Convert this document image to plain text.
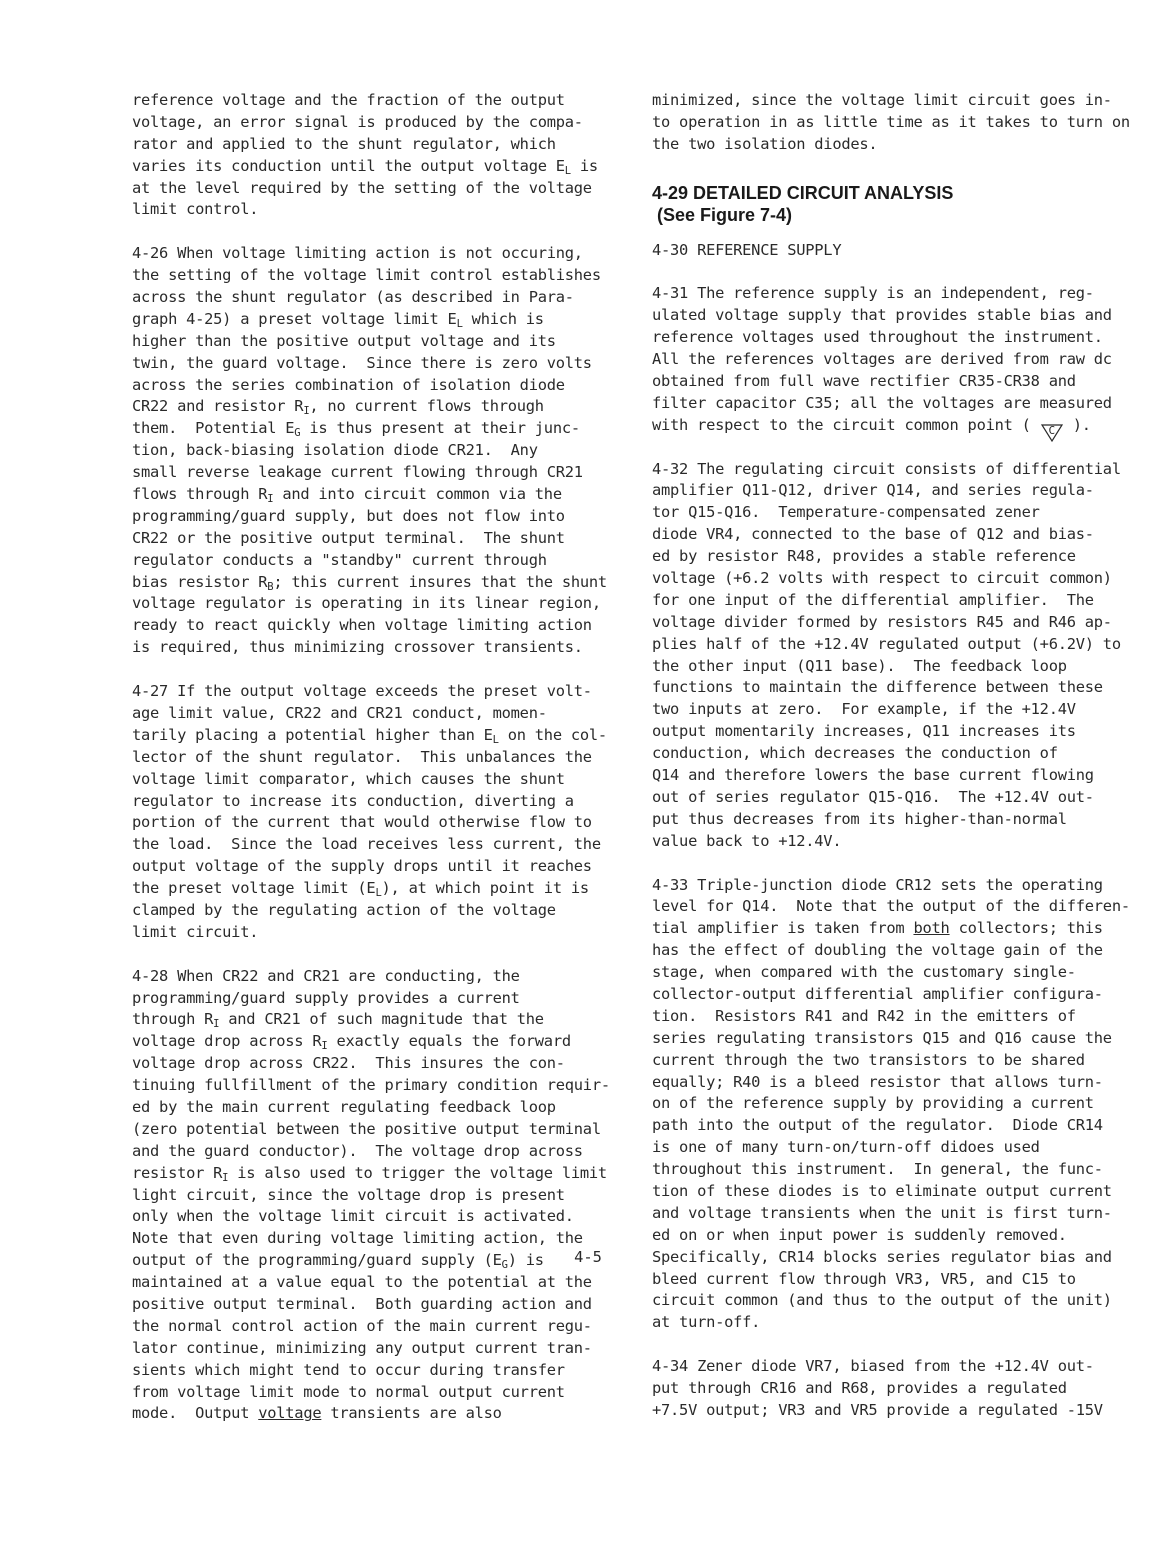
reference voltage and the fraction of the output
voltage, an error signal is produced by the compa-
rator and applied to the shunt regulator, which
varies its conduction until the output voltage $E_L$ is
at the level required by the setting of the voltage
limit control.

4-26 When voltage limiting action is not occuring,
the setting of the voltage limit control establishes
across the shunt regulator (as described in Para-
graph 4-25) a preset voltage limit $E_L$ which is
higher than the positive output voltage and its
twin, the guard voltage.  Since there is zero volts
across the series combination of isolation diode
CR22 and resistor $R_I$, no current flows through
them.  Potential $E_G$ is thus present at their junc-
tion, back-biasing isolation diode CR21.  Any
small reverse leakage current flowing through CR21
flows through $R_I$ and into circuit common via the
programming/guard supply, but does not flow into
CR22 or the positive output terminal.  The shunt
regulator conducts a "standby" current through
bias resistor $R_B$; this current insures that the shunt
voltage regulator is operating in its linear region,
ready to react quickly when voltage limiting action
is required, thus minimizing crossover transients.

4-27 If the output voltage exceeds the preset volt-
age limit value, CR22 and CR21 conduct, momen-
tarily placing a potential higher than $E_L$ on the col-
lector of the shunt regulator.  This unbalances the
voltage limit comparator, which causes the shunt
regulator to increase its conduction, diverting a
portion of the current that would otherwise flow to
the load.  Since the load receives less current, the
output voltage of the supply drops until it reaches
the preset voltage limit $(E_L)$, at which point it is
clamped by the regulating action of the voltage
limit circuit.

4-28 When CR22 and CR21 are conducting, the
programming/guard supply provides a current
through $R_I$ and CR21 of such magnitude that the
voltage drop across $R_I$ exactly equals the forward
voltage drop across CR22.  This insures the con-
tinuing fullfillment of the primary condition requir-
ed by the main current regulating feedback loop
(zero potential between the positive output terminal
and the guard conductor).  The voltage drop across
resistor $R_I$ is also used to trigger the voltage limit
light circuit, since the voltage drop is present
only when the voltage limit circuit is activated.
Note that even during voltage limiting action, the
output of the programming/guard supply $(E_G)$ is
maintained at a value equal to the potential at the
positive output terminal.  Both guarding action and
the normal control action of the main current regu-
lator continue, minimizing any output current tran-
sients which might tend to occur during transfer
from voltage limit mode to normal output current
mode.  Output voltage transients are also
minimized, since the voltage limit circuit goes in-
to operation in as little time as it takes to turn on
the two isolation diodes.
4-29 DETAILED CIRCUIT ANALYSIS
(See Figure 7-4)
4-30 REFERENCE SUPPLY

4-31 The reference supply is an independent, reg-
ulated voltage supply that provides stable bias and
reference voltages used throughout the instrument.
All the references voltages are derived from raw dc
obtained from full wave rectifier CR35-CR38 and
filter capacitor C35; all the voltages are measured
with respect to the circuit common point (
C ).

4-32 The regulating circuit consists of differential
amplifier Q11-Q12, driver Q14, and series regula-
tor Q15-Q16.  Temperature-compensated zener
diode VR4, connected to the base of Q12 and bias-
ed by resistor R48, provides a stable reference
voltage (+6.2 volts with respect to circuit common)
for one input of the differential amplifier.  The
voltage divider formed by resistors R45 and R46 ap-
plies half of the +12.4V regulated output (+6.2V) to
the other input (Q11 base).  The feedback loop
functions to maintain the difference between these
two inputs at zero.  For example, if the +12.4V
output momentarily increases, Q11 increases its
conduction, which decreases the conduction of
Q14 and therefore lowers the base current flowing
out of series regulator Q15-Q16.  The +12.4V out-
put thus decreases from its higher-than-normal
value back to +12.4V.

4-33 Triple-junction diode CR12 sets the operating
level for Q14.  Note that the output of the differen-
tial amplifier is taken from both collectors; this
has the effect of doubling the voltage gain of the
stage, when compared with the customary single-
collector-output differential amplifier configura-
tion.  Resistors R41 and R42 in the emitters of
series regulating transistors Q15 and Q16 cause the
current through the two transistors to be shared
equally; R40 is a bleed resistor that allows turn-
on of the reference supply by providing a current
path into the output of the regulator.  Diode CR14
is one of many turn-on/turn-off didoes used
throughout this instrument.  In general, the func-
tion of these diodes is to eliminate output current
and voltage transients when the unit is first turn-
ed on or when input power is suddenly removed.
Specifically, CR14 blocks series regulator bias and
bleed current flow through VR3, VR5, and C15 to
circuit common (and thus to the output of the unit)
at turn-off.

4-34 Zener diode VR7, biased from the +12.4V out-
put through CR16 and R68, provides a regulated
+7.5V output; VR3 and VR5 provide a regulated -15V
4-5
